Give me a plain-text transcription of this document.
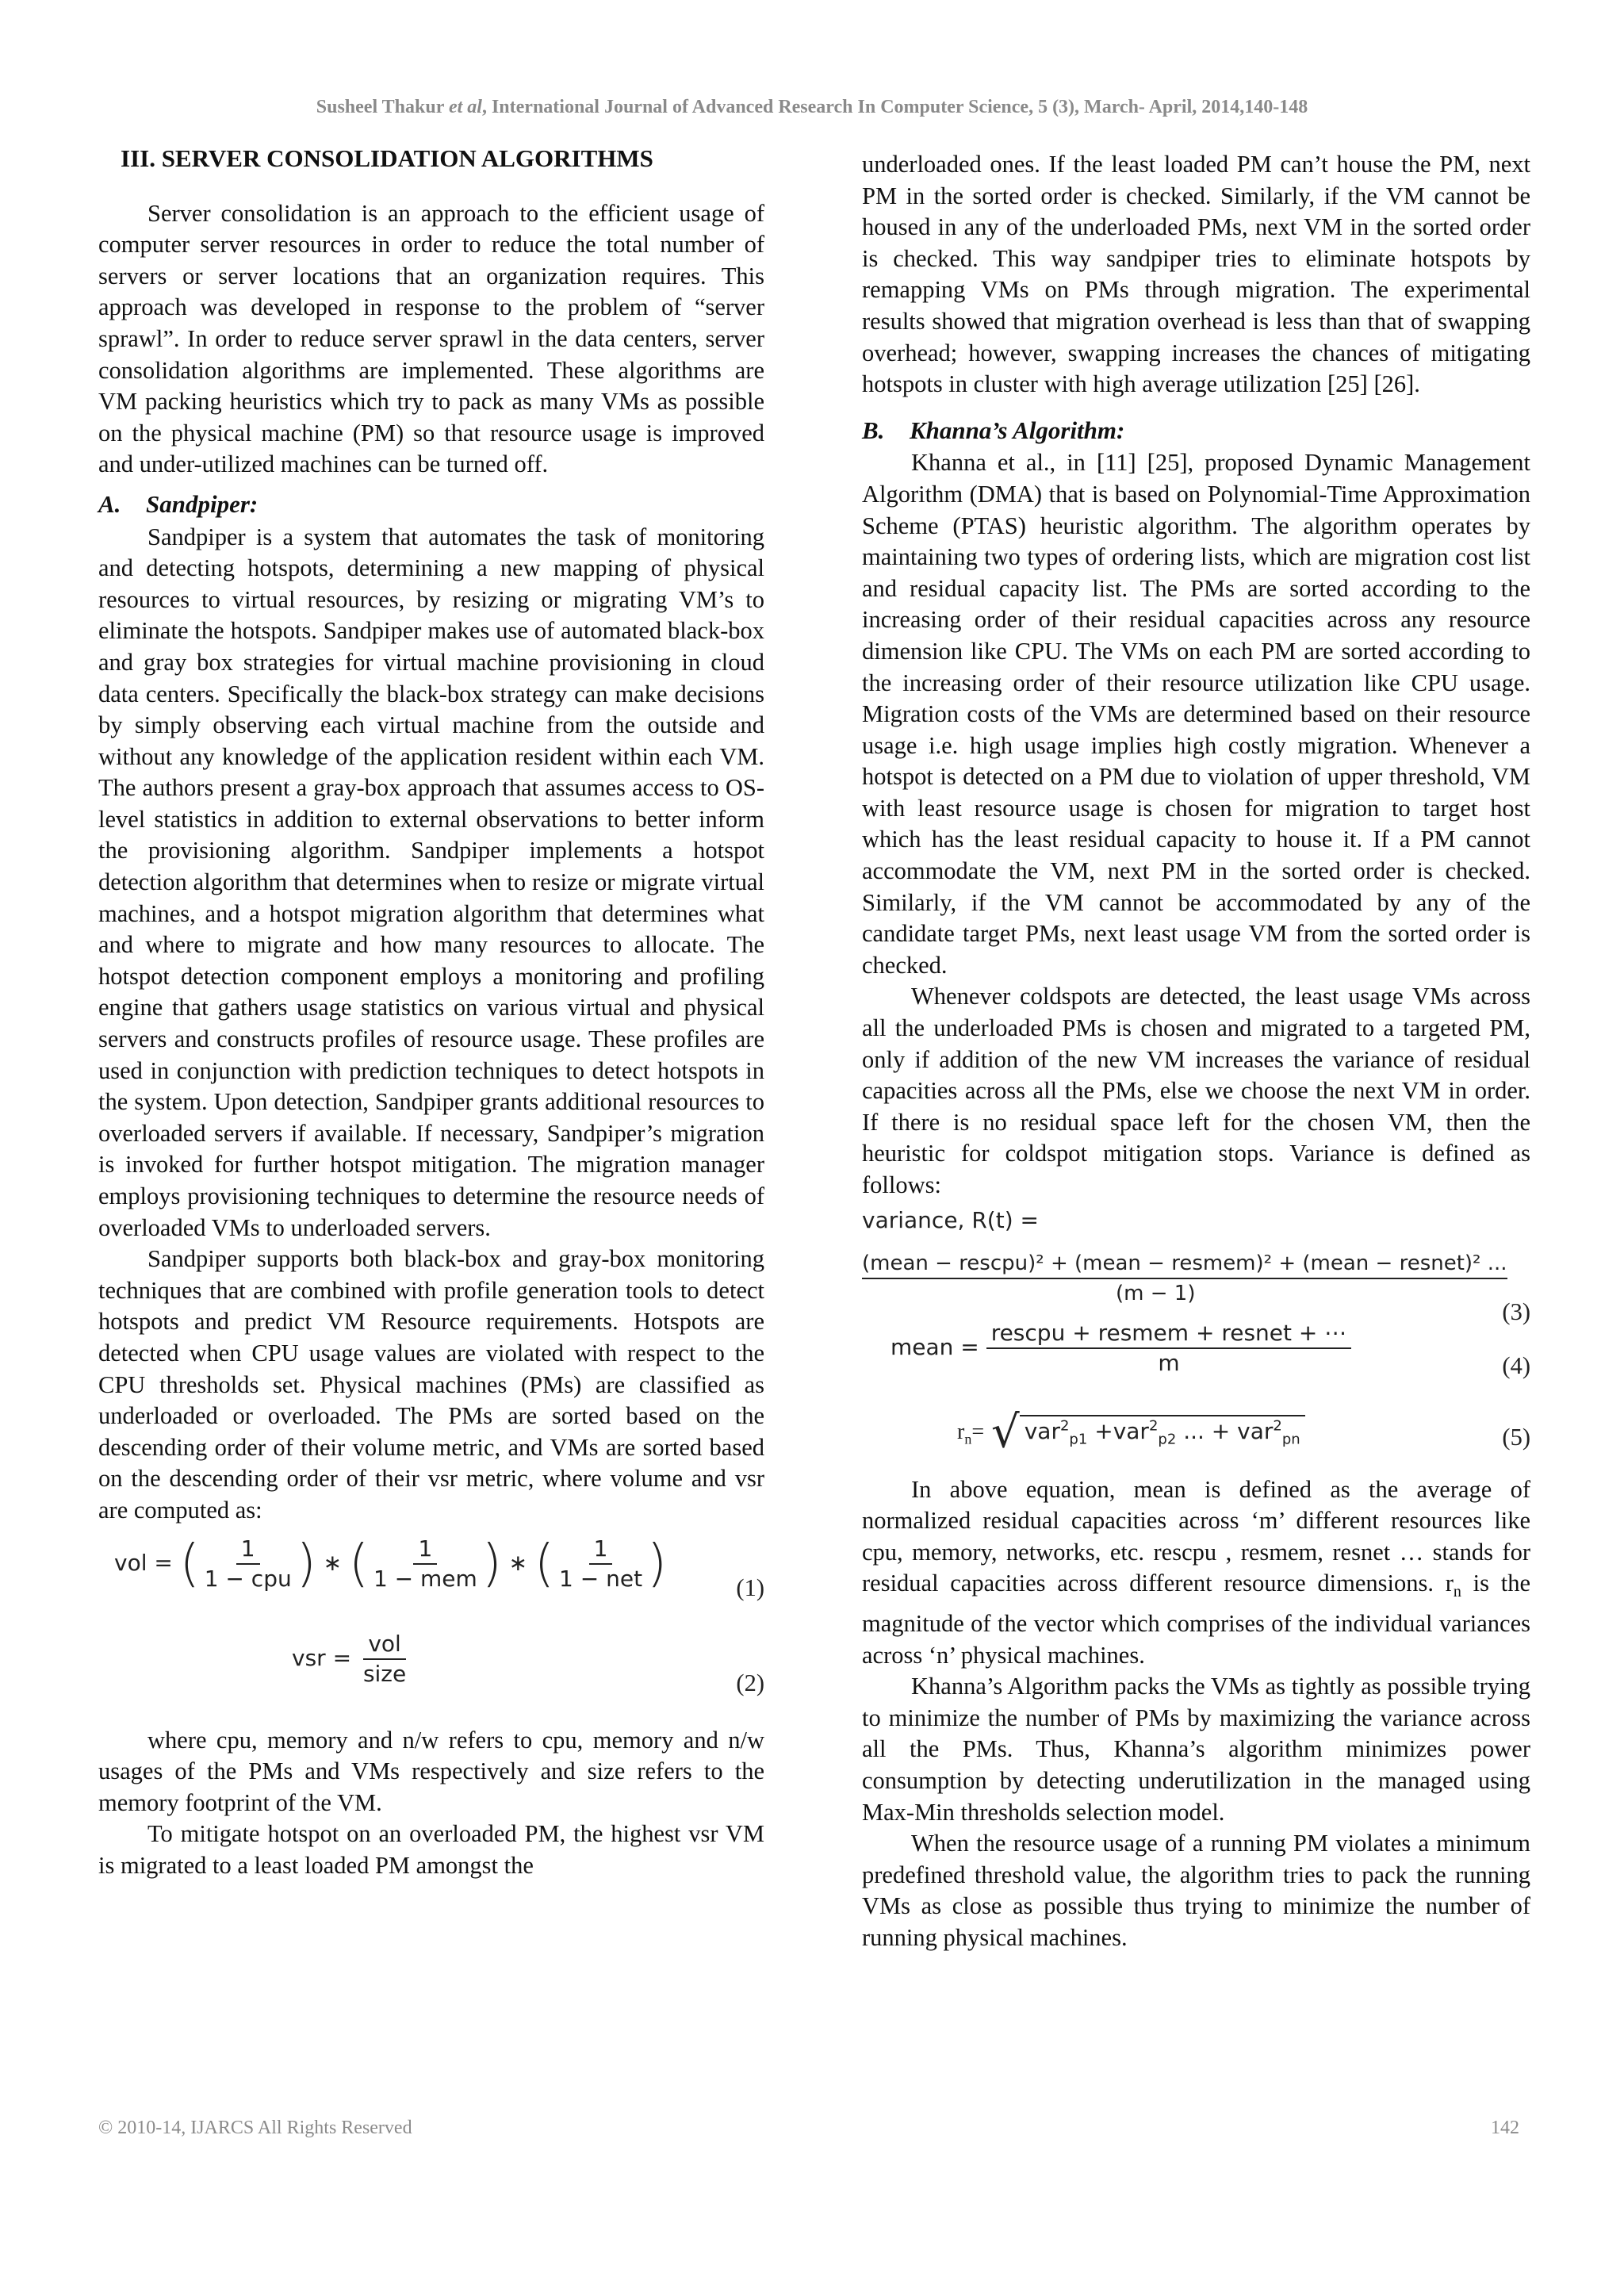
Susheel Thakur et al, International Journal of Advanced Research In Computer Science, 5 (3), March- April, 2014,140-148
III. SERVER CONSOLIDATION ALGORITHMS

Server consolidation is an approach to the efficient usage of computer server resources in order to reduce the total number of servers or server locations that an organization requires. This approach was developed in response to the problem of “server sprawl”. In order to reduce server sprawl in the data centers, server consolidation algorithms are implemented. These algorithms are VM packing heuristics which try to pack as many VMs as possible on the physical machine (PM) so that resource usage is improved and under-utilized machines can be turned off.

A. Sandpiper:

Sandpiper is a system that automates the task of monitoring and detecting hotspots, determining a new mapping of physical resources to virtual resources, by resizing or migrating VM’s to eliminate the hotspots. Sandpiper makes use of automated black-box and gray box strategies for virtual machine provisioning in cloud data centers. Specifically the black-box strategy can make decisions by simply observing each virtual machine from the outside and without any knowledge of the application resident within each VM. The authors present a gray-box approach that assumes access to OS-level statistics in addition to external observations to better inform the provisioning algorithm. Sandpiper implements a hotspot detection algorithm that determines when to resize or migrate virtual machines, and a hotspot migration algorithm that determines what and where to migrate and how many resources to allocate. The hotspot detection component employs a monitoring and profiling engine that gathers usage statistics on various virtual and physical servers and constructs profiles of resource usage. These profiles are used in conjunction with prediction techniques to detect hotspots in the system. Upon detection, Sandpiper grants additional resources to overloaded servers if available. If necessary, Sandpiper’s migration is invoked for further hotspot mitigation. The migration manager employs provisioning techniques to determine the resource needs of overloaded VMs to underloaded servers.

Sandpiper supports both black-box and gray-box monitoring techniques that are combined with profile generation tools to detect hotspots and predict VM Resource requirements. Hotspots are detected when CPU usage values are violated with respect to the CPU thresholds set. Physical machines (PMs) are classified as underloaded or overloaded. The PMs are sorted based on the descending order of their volume metric, and VMs are sorted based on the descending order of their vsr metric, where volume and vsr are computed as:

vol = ( $\frac{1}{\text{1 − cpu}}$ ) ∗ ( $\frac{1}{\text{1 − mem}}$ ) ∗ ( $\frac{1}{\text{1 − net}}$ )	(1)
vsr = $\frac{\text{vol}}{\text{size}}$	(2)

where cpu, memory and n/w refers to cpu, memory and n/w usages of the PMs and VMs respectively and size refers to the memory footprint of the VM.

To mitigate hotspot on an overloaded PM, the highest vsr VM is migrated to a least loaded PM amongst the

underloaded ones. If the least loaded PM can’t house the PM, next PM in the sorted order is checked. Similarly, if the VM cannot be housed in any of the underloaded PMs, next VM in the sorted order is checked. This way sandpiper tries to eliminate hotspots by remapping VMs on PMs through migration. The experimental results showed that migration overhead is less than that of swapping overhead; however, swapping increases the chances of mitigating hotspots in cluster with high average utilization [25] [26].

B. Khanna’s Algorithm:

Khanna et al., in [11] [25], proposed Dynamic Management Algorithm (DMA) that is based on Polynomial-Time Approximation Scheme (PTAS) heuristic algorithm. The algorithm operates by maintaining two types of ordering lists, which are migration cost list and residual capacity list. The PMs are sorted according to the increasing order of their residual capacities across any resource dimension like CPU. The VMs on each PM are sorted according to the increasing order of their resource utilization like CPU usage. Migration costs of the VMs are determined based on their resource usage i.e. high usage implies high costly migration. Whenever a hotspot is detected on a PM due to violation of upper threshold, VM with least resource usage is chosen for migration to target host which has the least residual capacity to house it. If a PM cannot accommodate the VM, next PM in the sorted order is checked. Similarly, if the VM cannot be accommodated by any of the candidate target PMs, next least usage VM from the sorted order is checked.

Whenever coldspots are detected, the least usage VMs across all the underloaded PMs is chosen and migrated to a targeted PM, only if addition of the new VM increases the variance of residual capacities across all the PMs, else we choose the next VM in order. If there is no residual space left for the chosen VM, then the heuristic for coldspot mitigation stops. Variance is defined as follows:

variance, R(t) =
(mean − rescpu)² + (mean − resmem)² + (mean − resnet)² ...
(m − 1)
(3)
mean = $\frac{\text{rescpu + resmem + resnet + ⋯}}{m}$	(4)
$r_n=$ √ var$^2_{p1}$ +var$^2_{p2}$ ... + var$^2_{pn}$	(5)

In above equation, mean is defined as the average of normalized residual capacities across ‘m’ different resources like cpu, memory, networks, etc. rescpu , resmem, resnet … stands for residual capacities across different resource dimensions. $r_n$ is the magnitude of the vector which comprises of the individual variances across ‘n’ physical machines.

Khanna’s Algorithm packs the VMs as tightly as possible trying to minimize the number of PMs by maximizing the variance across all the PMs. Thus, Khanna’s algorithm minimizes power consumption by detecting underutilization in the managed using Max-Min thresholds selection model.

When the resource usage of a running PM violates a minimum predefined threshold value, the algorithm tries to pack the running VMs as close as possible thus trying to minimize the number of running physical machines.

© 2010-14, IJARCS All Rights Reserved	142
